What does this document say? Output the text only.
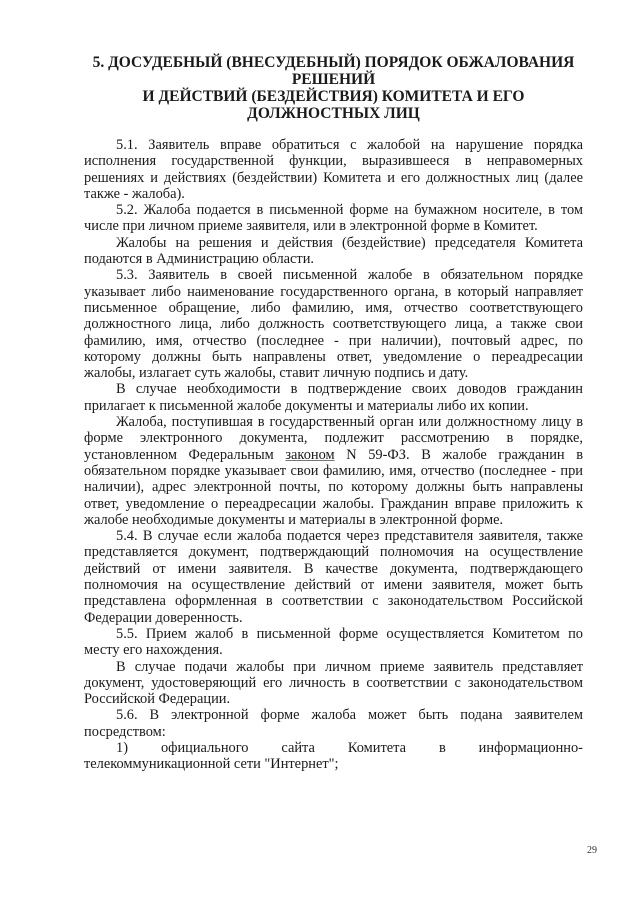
5. ДОСУДЕБНЫЙ (ВНЕСУДЕБНЫЙ) ПОРЯДОК ОБЖАЛОВАНИЯ РЕШЕНИЙ
И ДЕЙСТВИЙ (БЕЗДЕЙСТВИЯ) КОМИТЕТА И ЕГО ДОЛЖНОСТНЫХ ЛИЦ

5.1. Заявитель вправе обратиться с жалобой на нарушение порядка исполнения государственной функции, выразившееся в неправомерных решениях и действиях (бездействии) Комитета и его должностных лиц (далее также - жалоба).

5.2. Жалоба подается в письменной форме на бумажном носителе, в том числе при личном приеме заявителя, или в электронной форме в Комитет.

Жалобы на решения и действия (бездействие) председателя Комитета подаются в Администрацию области.

5.3. Заявитель в своей письменной жалобе в обязательном порядке указывает либо наименование государственного органа, в который направляет письменное обращение, либо фамилию, имя, отчество соответствующего должностного лица, либо должность соответствующего лица, а также свои фамилию, имя, отчество (последнее - при наличии), почтовый адрес, по которому должны быть направлены ответ, уведомление о переадресации жалобы, излагает суть жалобы, ставит личную подпись и дату.

В случае необходимости в подтверждение своих доводов гражданин прилагает к письменной жалобе документы и материалы либо их копии.

Жалоба, поступившая в государственный орган или должностному лицу в форме электронного документа, подлежит рассмотрению в порядке, установленном Федеральным законом N 59-ФЗ. В жалобе гражданин в обязательном порядке указывает свои фамилию, имя, отчество (последнее - при наличии), адрес электронной почты, по которому должны быть направлены ответ, уведомление о переадресации жалобы. Гражданин вправе приложить к жалобе необходимые документы и материалы в электронной форме.

5.4. В случае если жалоба подается через представителя заявителя, также представляется документ, подтверждающий полномочия на осуществление действий от имени заявителя. В качестве документа, подтверждающего полномочия на осуществление действий от имени заявителя, может быть представлена оформленная в соответствии с законодательством Российской Федерации доверенность.

5.5. Прием жалоб в письменной форме осуществляется Комитетом по месту его нахождения.

В случае подачи жалобы при личном приеме заявитель представляет документ, удостоверяющий его личность в соответствии с законодательством Российской Федерации.

5.6. В электронной форме жалоба может быть подана заявителем посредством:

1) официального сайта Комитета в информационно-

телекоммуникационной сети "Интернет";

29
